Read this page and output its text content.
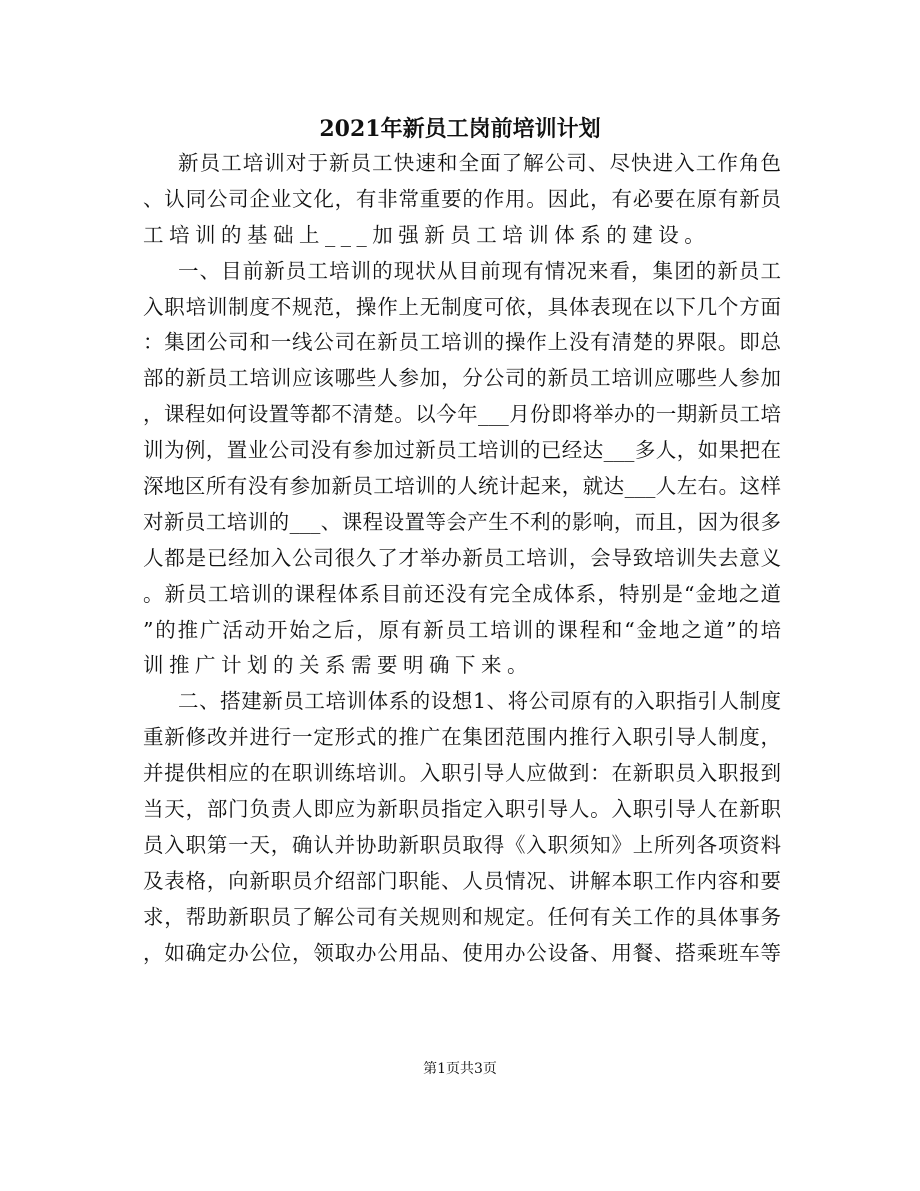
2021年新员工岗前培训计划
新员工培训对于新员工快速和全面了解公司、尽快进入工作角色
、认同公司企业文化，有非常重要的作用。因此，有必要在原有新员
工培训的基础上___加强新员工培训体系的建设。
一、目前新员工培训的现状从目前现有情况来看，集团的新员工
入职培训制度不规范，操作上无制度可依，具体表现在以下几个方面
：集团公司和一线公司在新员工培训的操作上没有清楚的界限。即总
部的新员工培训应该哪些人参加，分公司的新员工培训应哪些人参加
，课程如何设置等都不清楚。以今年___月份即将举办的一期新员工培
训为例，置业公司没有参加过新员工培训的已经达___多人，如果把在
深地区所有没有参加新员工培训的人统计起来，就达___人左右。这样
对新员工培训的___、课程设置等会产生不利的影响，而且，因为很多
人都是已经加入公司很久了才举办新员工培训，会导致培训失去意义
。新员工培训的课程体系目前还没有完全成体系，特别是“金地之道
”的推广活动开始之后，原有新员工培训的课程和“金地之道”的培
训推广计划的关系需要明确下来。
二、搭建新员工培训体系的设想1、将公司原有的入职指引人制度
重新修改并进行一定形式的推广在集团范围内推行入职引导人制度，
并提供相应的在职训练培训。入职引导人应做到：在新职员入职报到
当天，部门负责人即应为新职员指定入职引导人。入职引导人在新职
员入职第一天，确认并协助新职员取得《入职须知》上所列各项资料
及表格，向新职员介绍部门职能、人员情况、讲解本职工作内容和要
求，帮助新职员了解公司有关规则和规定。任何有关工作的具体事务
，如确定办公位，领取办公用品、使用办公设备、用餐、搭乘班车等
第1页共3页
